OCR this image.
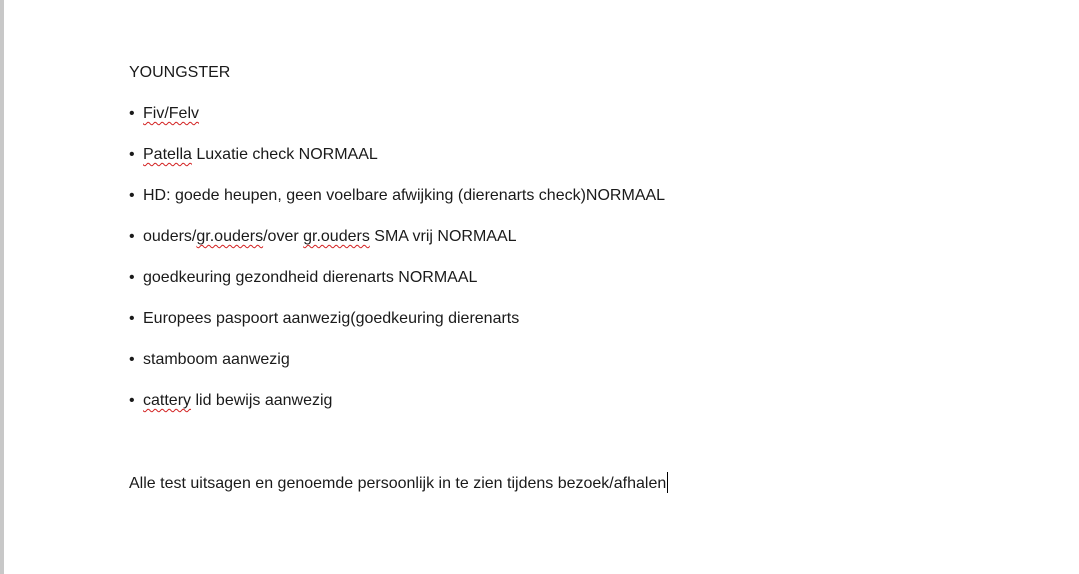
YOUNGSTER

• Fiv/Felv

• Patella Luxatie check NORMAAL

• HD: goede heupen, geen voelbare afwijking (dierenarts check)NORMAAL

• ouders/gr.ouders/over gr.ouders SMA vrij NORMAAL

• goedkeuring gezondheid dierenarts NORMAAL

• Europees paspoort aanwezig(goedkeuring dierenarts

• stamboom aanwezig

• cattery lid bewijs aanwezig

Alle test uitsagen en genoemde persoonlijk in te zien tijdens bezoek/afhalen
